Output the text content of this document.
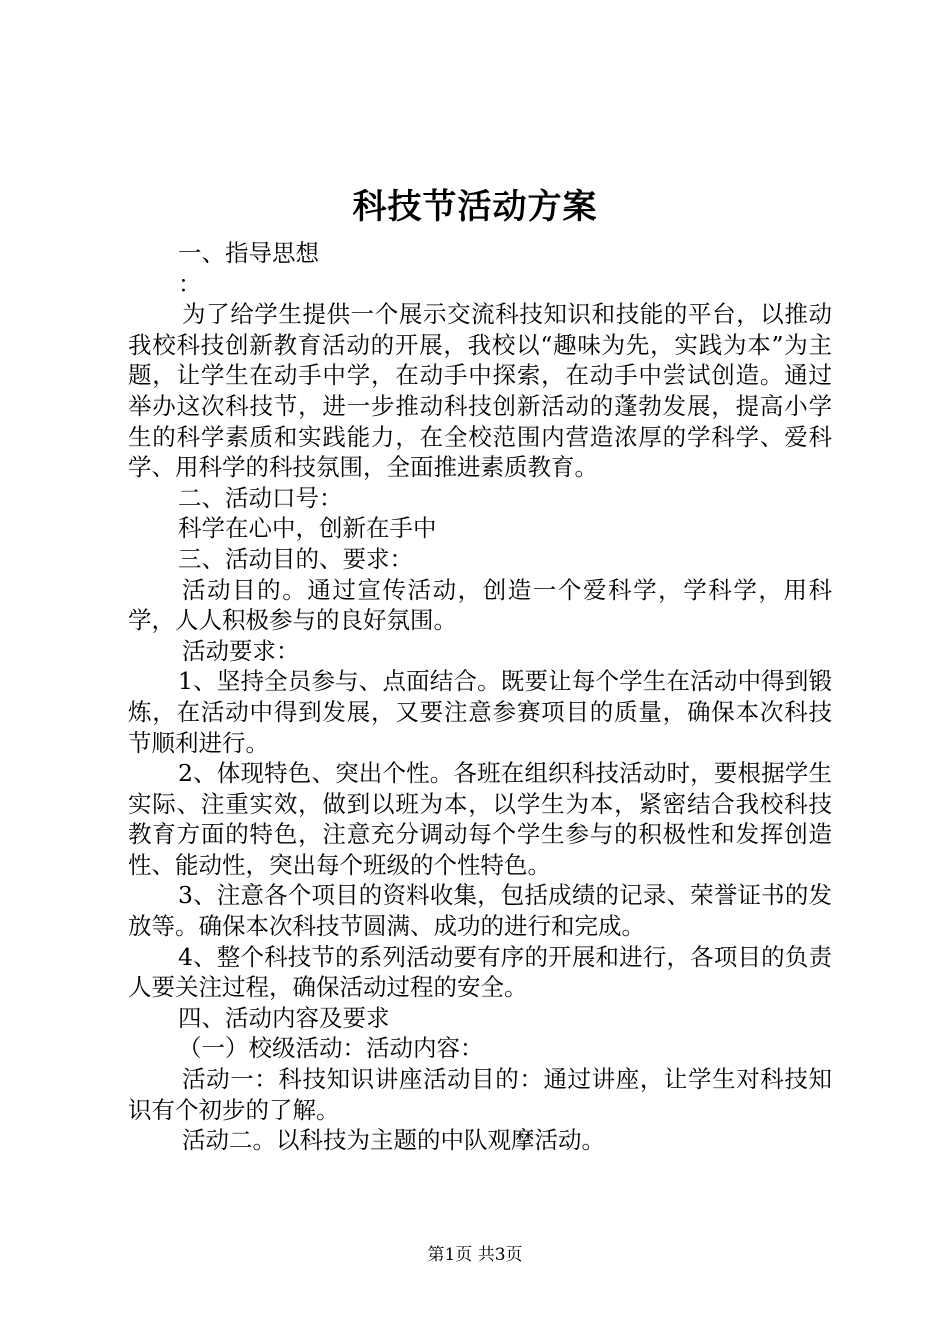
科技节活动方案

一、指导思想

：

为了给学生提供一个展示交流科技知识和技能的平台，以推动我校科技创新教育活动的开展，我校以“趣味为先，实践为本”为主题，让学生在动手中学，在动手中探索，在动手中尝试创造。通过举办这次科技节，进一步推动科技创新活动的蓬勃发展，提高小学生的科学素质和实践能力，在全校范围内营造浓厚的学科学、爱科学、用科学的科技氛围，全面推进素质教育。

二、活动口号：

科学在心中，创新在手中

三、活动目的、要求：

活动目的。通过宣传活动，创造一个爱科学，学科学，用科学，人人积极参与的良好氛围。

活动要求：

1、坚持全员参与、点面结合。既要让每个学生在活动中得到锻炼，在活动中得到发展，又要注意参赛项目的质量，确保本次科技节顺利进行。

2、体现特色、突出个性。各班在组织科技活动时，要根据学生实际、注重实效，做到以班为本，以学生为本，紧密结合我校科技教育方面的特色，注意充分调动每个学生参与的积极性和发挥创造性、能动性，突出每个班级的个性特色。

3、注意各个项目的资料收集，包括成绩的记录、荣誉证书的发放等。确保本次科技节圆满、成功的进行和完成。

4、整个科技节的系列活动要有序的开展和进行，各项目的负责人要关注过程，确保活动过程的安全。

四、活动内容及要求

（一）校级活动：活动内容：

活动一：科技知识讲座活动目的：通过讲座，让学生对科技知识有个初步的了解。

活动二。以科技为主题的中队观摩活动。

第1页 共3页
